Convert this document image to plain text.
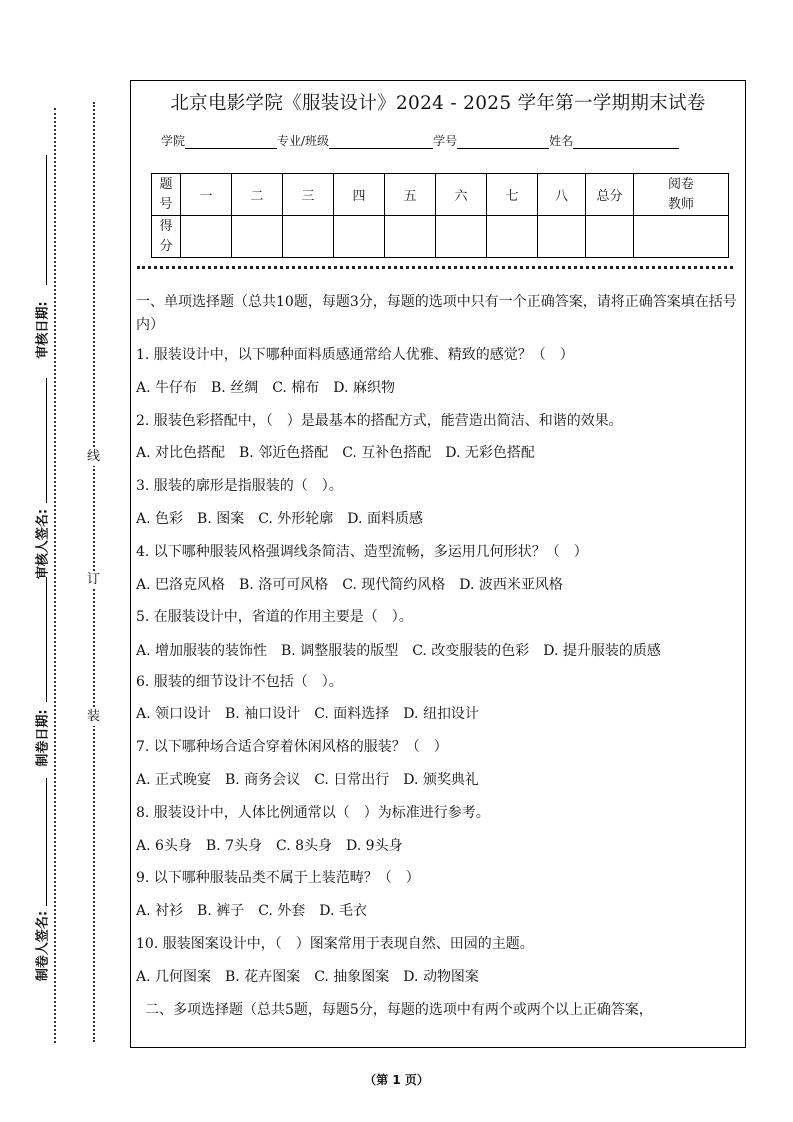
审核日期:
审核人签名:
制卷日期:
制卷人签名:
线
订
装
北京电影学院《服装设计》2024 - 2025 学年第一学期期末试卷
学院	专业/班级	学号	姓名
题
号	一	二	三	四	五	六	七	八	总分	阅卷
教师
得
分										
一、单项选择题（总共10题，每题3分，每题的选项中只有一个正确答案，请将正确答案填在括号内）
1. 服装设计中，以下哪种面料质感通常给人优雅、精致的感觉？（　）
A. 牛仔布　B. 丝绸　C. 棉布　D. 麻织物
2. 服装色彩搭配中，（　）是最基本的搭配方式，能营造出简洁、和谐的效果。
A. 对比色搭配　B. 邻近色搭配　C. 互补色搭配　D. 无彩色搭配
3. 服装的廓形是指服装的（　）。
A. 色彩　B. 图案　C. 外形轮廓　D. 面料质感
4. 以下哪种服装风格强调线条简洁、造型流畅，多运用几何形状？（　）
A. 巴洛克风格　B. 洛可可风格　C. 现代简约风格　D. 波西米亚风格
5. 在服装设计中，省道的作用主要是（　）。
A. 增加服装的装饰性　B. 调整服装的版型　C. 改变服装的色彩　D. 提升服装的质感
6. 服装的细节设计不包括（　）。
A. 领口设计　B. 袖口设计　C. 面料选择　D. 纽扣设计
7. 以下哪种场合适合穿着休闲风格的服装？（　）
A. 正式晚宴　B. 商务会议　C. 日常出行　D. 颁奖典礼
8. 服装设计中，人体比例通常以（　）为标准进行参考。
A. 6头身　B. 7头身　C. 8头身　D. 9头身
9. 以下哪种服装品类不属于上装范畴？（　）
A. 衬衫　B. 裤子　C. 外套　D. 毛衣
10. 服装图案设计中，（　）图案常用于表现自然、田园的主题。
A. 几何图案　B. 花卉图案　C. 抽象图案　D. 动物图案
二、多项选择题（总共5题，每题5分，每题的选项中有两个或两个以上正确答案，
（第 1 页）
